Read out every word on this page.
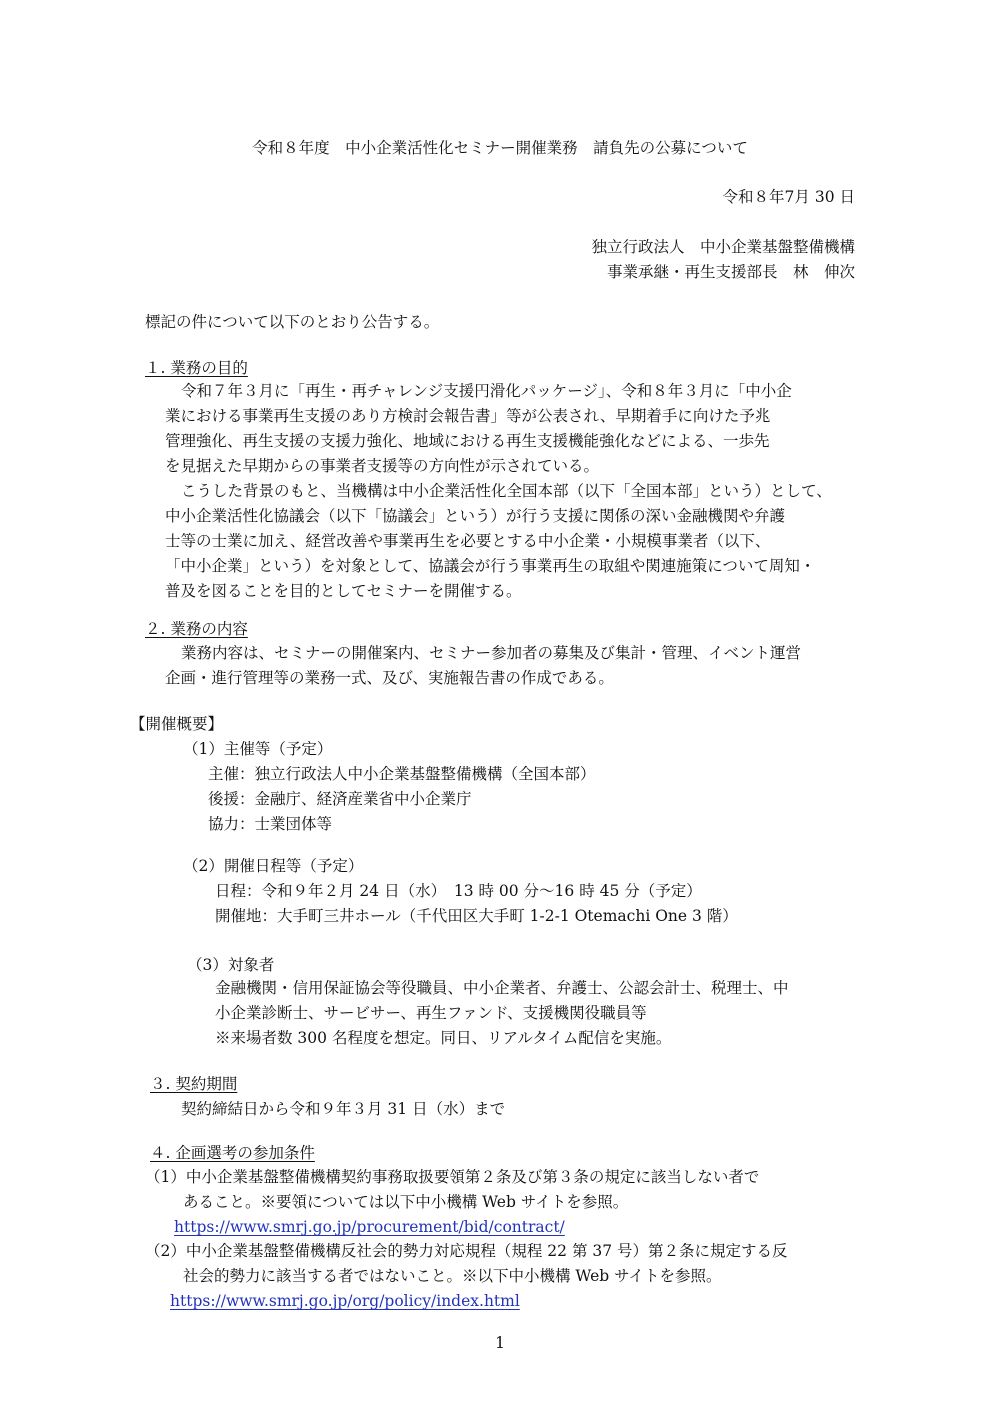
令和８年度　中小企業活性化セミナー開催業務　請負先の公募について
令和８年7月 30 日
独立行政法人　中小企業基盤整備機構
事業承継・再生支援部長　林　伸次
標記の件について以下のとおり公告する。
１. 業務の目的
令和７年３月に「再生・再チャレンジ支援円滑化パッケージ」、令和８年３月に「中小企
業における事業再生支援のあり方検討会報告書」等が公表され、早期着手に向けた予兆
管理強化、再生支援の支援力強化、地域における再生支援機能強化などによる、一歩先
を見据えた早期からの事業者支援等の方向性が示されている。
こうした背景のもと、当機構は中小企業活性化全国本部（以下「全国本部」という）として、
中小企業活性化協議会（以下「協議会」という）が行う支援に関係の深い金融機関や弁護
士等の士業に加え、経営改善や事業再生を必要とする中小企業・小規模事業者（以下、
「中小企業」という）を対象として、協議会が行う事業再生の取組や関連施策について周知・
普及を図ることを目的としてセミナーを開催する。
２. 業務の内容
業務内容は、セミナーの開催案内、セミナー参加者の募集及び集計・管理、イベント運営
企画・進行管理等の業務一式、及び、実施報告書の作成である。
【開催概要】
（1）主催等（予定）
主催：独立行政法人中小企業基盤整備機構（全国本部）
後援：金融庁、経済産業省中小企業庁
協力：士業団体等
（2）開催日程等（予定）
日程：令和９年２月 24 日（水）　13 時 00 分～16 時 45 分（予定）
開催地：大手町三井ホール（千代田区大手町 1-2-1 Otemachi One 3 階）
（3）対象者
金融機関・信用保証協会等役職員、中小企業者、弁護士、公認会計士、税理士、中
小企業診断士、サービサー、再生ファンド、支援機関役職員等
※来場者数 300 名程度を想定。同日、リアルタイム配信を実施。
３. 契約期間
契約締結日から令和９年３月 31 日（水）まで
４. 企画選考の参加条件
（1）中小企業基盤整備機構契約事務取扱要領第２条及び第３条の規定に該当しない者で
あること。※要領については以下中小機構 Web サイトを参照。
https://www.smrj.go.jp/procurement/bid/contract/
（2）中小企業基盤整備機構反社会的勢力対応規程（規程 22 第 37 号）第２条に規定する反
社会的勢力に該当する者ではないこと。※以下中小機構 Web サイトを参照。
https://www.smrj.go.jp/org/policy/index.html
1
